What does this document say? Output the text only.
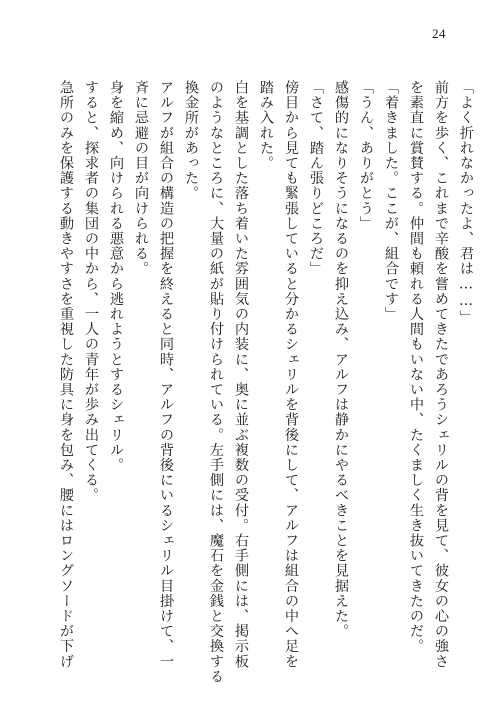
24
「よく折れなかったよ、君は……」
前方を歩く、これまで辛酸を嘗めてきたであろうシェリルの背を見て、彼女の心の強さ
を素直に賞賛する。仲間も頼れる人間もいない中、たくましく生き抜いてきたのだ。
「着きました。ここが、組合です」
「うん、ありがとう」
感傷的になりそうになるのを抑え込み、アルフは静かにやるべきことを見据えた。
「さて、踏ん張りどころだ」
傍目から見ても緊張していると分かるシェリルを背後にして、アルフは組合の中へ足を
踏み入れた。
白を基調とした落ち着いた雰囲気の内装に、奥に並ぶ複数の受付。右手側には、掲示板
のようなところに、大量の紙が貼り付けられている。左手側には、魔石を金銭と交換する
換金所があった。
アルフが組合の構造の把握を終えると同時、アルフの背後にいるシェリル目掛けて、一
斉に忌避の目が向けられる。
身を縮め、向けられる悪意から逃れようとするシェリル。
すると、探求者の集団の中から、一人の青年が歩み出てくる。
急所のみを保護する動きやすさを重視した防具に身を包み、腰にはロングソードが下げ
